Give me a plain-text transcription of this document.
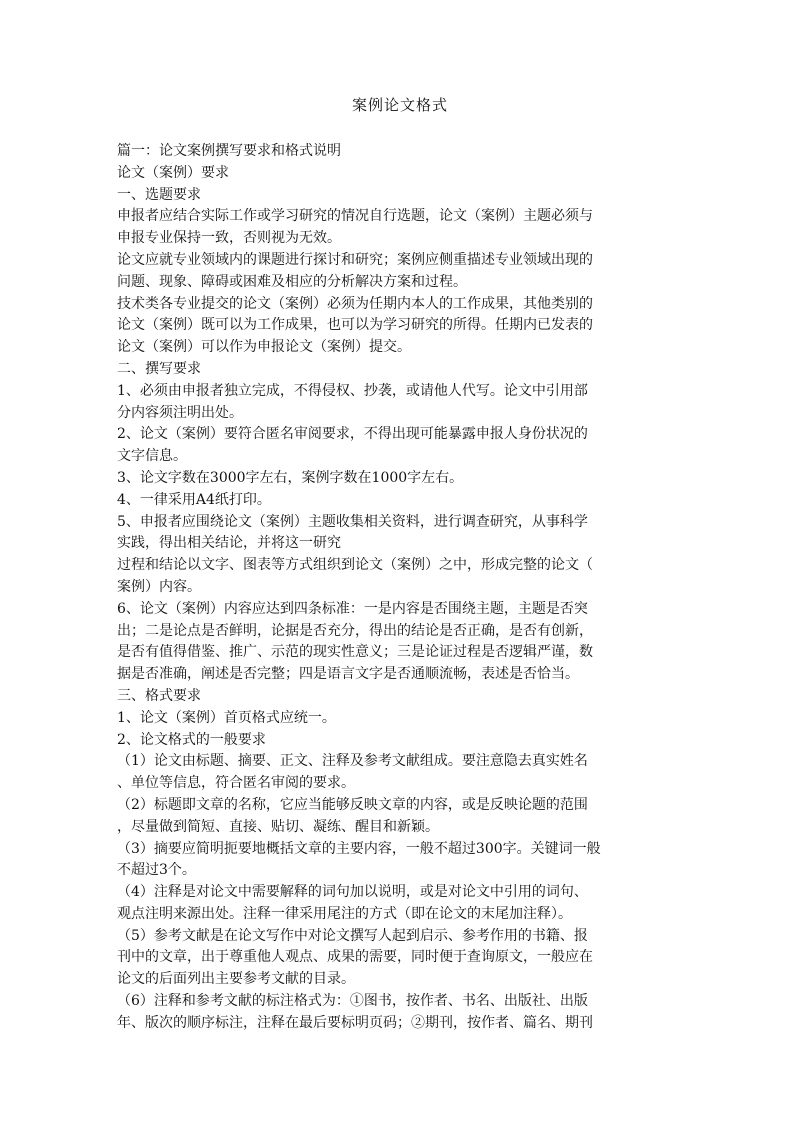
案例论文格式
篇一：论文案例撰写要求和格式说明
论文（案例）要求
一、选题要求
申报者应结合实际工作或学习研究的情况自行选题，论文（案例）主题必须与
申报专业保持一致，否则视为无效。
论文应就专业领域内的课题进行探讨和研究；案例应侧重描述专业领域出现的
问题、现象、障碍或困难及相应的分析解决方案和过程。
技术类各专业提交的论文（案例）必须为任期内本人的工作成果，其他类别的
论文（案例）既可以为工作成果，也可以为学习研究的所得。任期内已发表的
论文（案例）可以作为申报论文（案例）提交。
二、撰写要求
1、必须由申报者独立完成，不得侵权、抄袭，或请他人代写。论文中引用部
分内容须注明出处。
2、论文（案例）要符合匿名审阅要求，不得出现可能暴露申报人身份状况的
文字信息。
3、论文字数在3000字左右，案例字数在1000字左右。
4、一律采用A4纸打印。
5、申报者应围绕论文（案例）主题收集相关资料，进行调查研究，从事科学
实践，得出相关结论，并将这一研究
过程和结论以文字、图表等方式组织到论文（案例）之中，形成完整的论文（
案例）内容。
6、论文（案例）内容应达到四条标准：一是内容是否围绕主题，主题是否突
出；二是论点是否鲜明，论据是否充分，得出的结论是否正确，是否有创新，
是否有值得借鉴、推广、示范的现实性意义；三是论证过程是否逻辑严谨，数
据是否准确，阐述是否完整；四是语言文字是否通顺流畅，表述是否恰当。
三、格式要求
1、论文（案例）首页格式应统一。
2、论文格式的一般要求
（1）论文由标题、摘要、正文、注释及参考文献组成。要注意隐去真实姓名
、单位等信息，符合匿名审阅的要求。
（2）标题即文章的名称，它应当能够反映文章的内容，或是反映论题的范围
，尽量做到简短、直接、贴切、凝练、醒目和新颖。
（3）摘要应简明扼要地概括文章的主要内容，一般不超过300字。关键词一般
不超过3个。
（4）注释是对论文中需要解释的词句加以说明，或是对论文中引用的词句、
观点注明来源出处。注释一律采用尾注的方式（即在论文的末尾加注释）。
（5）参考文献是在论文写作中对论文撰写人起到启示、参考作用的书籍、报
刊中的文章，出于尊重他人观点、成果的需要，同时便于查询原文，一般应在
论文的后面列出主要参考文献的目录。
（6）注释和参考文献的标注格式为：①图书，按作者、书名、出版社、出版
年、版次的顺序标注，注释在最后要标明页码；②期刊，按作者、篇名、期刊
